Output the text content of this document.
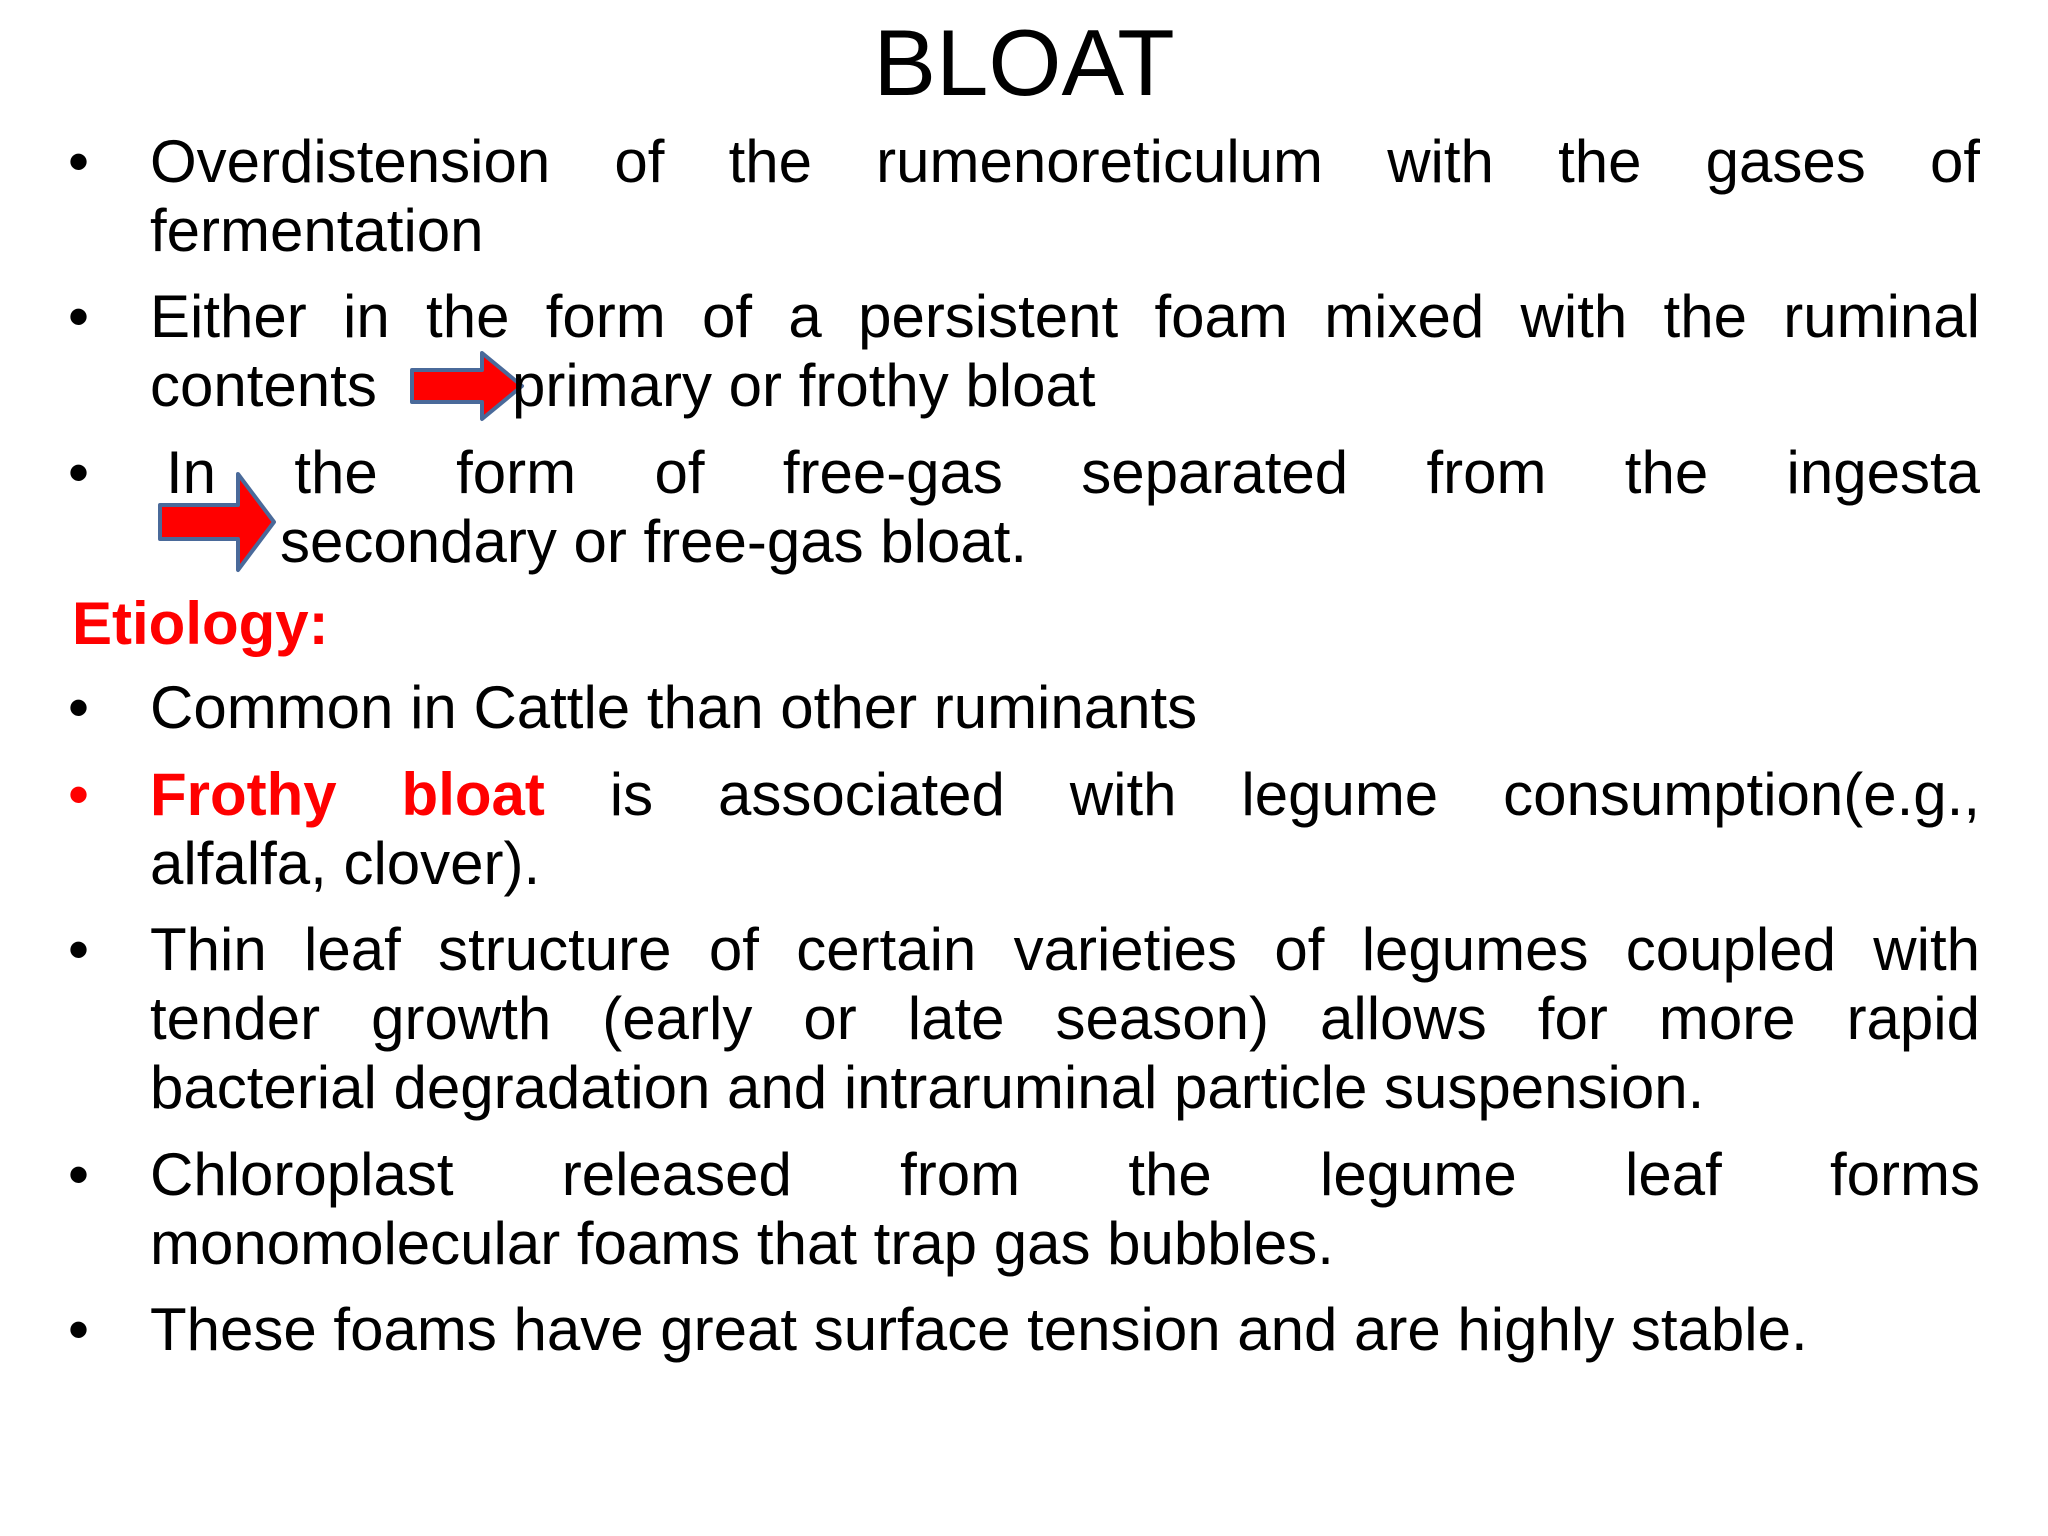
BLOAT
• Overdistension of the rumenoreticulum with the gases of
fermentation
• Either in the form of a persistent foam mixed with the ruminal
contents primary or frothy bloat
• In the form of free-gas separated from the ingesta
secondary or free-gas bloat.
Etiology:
• Common in Cattle than other ruminants
• Frothy bloat is associated with legume consumption(e.g.,
alfalfa, clover).
• Thin leaf structure of certain varieties of legumes coupled with
tender growth (early or late season) allows for more rapid
bacterial degradation and intraruminal particle suspension.
• Chloroplast released from the legume leaf forms
monomolecular foams that trap gas bubbles.
• These foams have great surface tension and are highly stable.
